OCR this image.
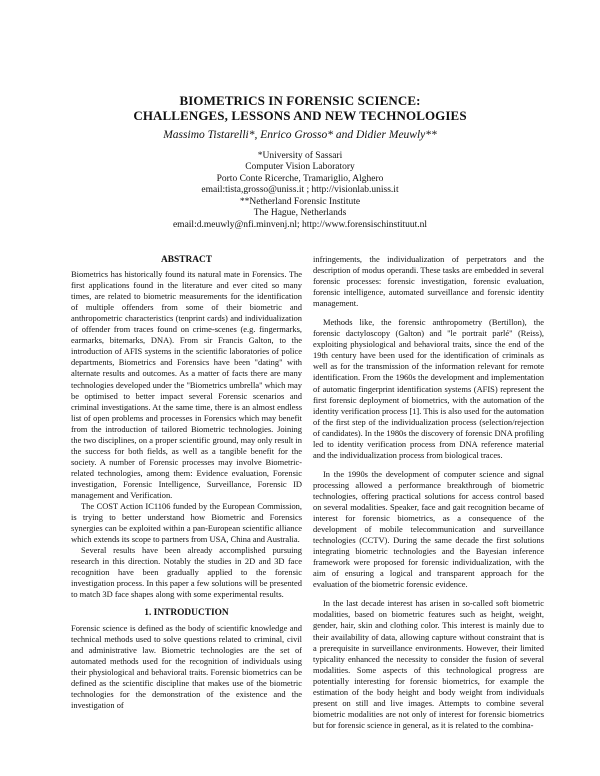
BIOMETRICS IN FORENSIC SCIENCE:
CHALLENGES, LESSONS AND NEW TECHNOLOGIES
Massimo Tistarelli*, Enrico Grosso* and Didier Meuwly**
*University of Sassari
Computer Vision Laboratory
Porto Conte Ricerche, Tramariglio, Alghero
email:tista,grosso@uniss.it ; http://visionlab.uniss.it
**Netherland Forensic Institute
The Hague, Netherlands
email:d.meuwly@nfi.minvenj.nl; http://www.forensischinstituut.nl
ABSTRACT

Biometrics has historically found its natural mate in Forensics. The first applications found in the literature and ever cited so many times, are related to biometric measurements for the identification of multiple offenders from some of their biometric and anthropometric characteristics (tenprint cards) and individualization of offender from traces found on crime-scenes (e.g. fingermarks, earmarks, bitemarks, DNA). From sir Francis Galton, to the introduction of AFIS systems in the scientific laboratories of police departments, Biometrics and Forensics have been "dating" with alternate results and outcomes. As a matter of facts there are many technologies developed under the "Biometrics umbrella" which may be optimised to better impact several Forensic scenarios and criminal investigations. At the same time, there is an almost endless list of open problems and processes in Forensics which may benefit from the introduction of tailored Biometric technologies. Joining the two disciplines, on a proper scientific ground, may only result in the success for both fields, as well as a tangible benefit for the society. A number of Forensic processes may involve Biometric-related technologies, among them: Evidence evaluation, Forensic investigation, Forensic Intelligence, Surveillance, Forensic ID management and Verification.

The COST Action IC1106 funded by the European Commission, is trying to better understand how Biometric and Forensics synergies can be exploited within a pan-European scientific alliance which extends its scope to partners from USA, China and Australia.

Several results have been already accomplished pursuing research in this direction. Notably the studies in 2D and 3D face recognition have been gradually applied to the forensic investigation process. In this paper a few solutions will be presented to match 3D face shapes along with some experimental results.

1. INTRODUCTION

Forensic science is defined as the body of scientific knowledge and technical methods used to solve questions related to criminal, civil and administrative law. Biometric technologies are the set of automated methods used for the recognition of individuals using their physiological and behavioral traits. Forensic biometrics can be defined as the scientific discipline that makes use of the biometric technologies for the demonstration of the existence and the investigation of

infringements, the individualization of perpetrators and the description of modus operandi. These tasks are embedded in several forensic processes: forensic investigation, forensic evaluation, forensic intelligence, automated surveillance and forensic identity management.

Methods like, the forensic anthropometry (Bertillon), the forensic dactyloscopy (Galton) and "le portrait parlé" (Reiss), exploiting physiological and behavioral traits, since the end of the 19th century have been used for the identification of criminals as well as for the transmission of the information relevant for remote identification. From the 1960s the development and implementation of automatic fingerprint identification systems (AFIS) represent the first forensic deployment of biometrics, with the automation of the identity verification process [1]. This is also used for the automation of the first step of the individualization process (selection/rejection of candidates). In the 1980s the discovery of forensic DNA profiling led to identity verification process from DNA reference material and the individualization process from biological traces.

In the 1990s the development of computer science and signal processing allowed a performance breakthrough of biometric technologies, offering practical solutions for access control based on several modalities. Speaker, face and gait recognition became of interest for forensic biometrics, as a consequence of the development of mobile telecommunication and surveillance technologies (CCTV). During the same decade the first solutions integrating biometric technologies and the Bayesian inference framework were proposed for forensic individualization, with the aim of ensuring a logical and transparent approach for the evaluation of the biometric forensic evidence.

In the last decade interest has arisen in so-called soft biometric modalities, based on biometric features such as height, weight, gender, hair, skin and clothing color. This interest is mainly due to their availability of data, allowing capture without constraint that is a prerequisite in surveillance environments. However, their limited typicality enhanced the necessity to consider the fusion of several modalities. Some aspects of this technological progress are potentially interesting for forensic biometrics, for example the estimation of the body height and body weight from individuals present on still and live images. Attempts to combine several biometric modalities are not only of interest for forensic biometrics but for forensic science in general, as it is related to the combina-
